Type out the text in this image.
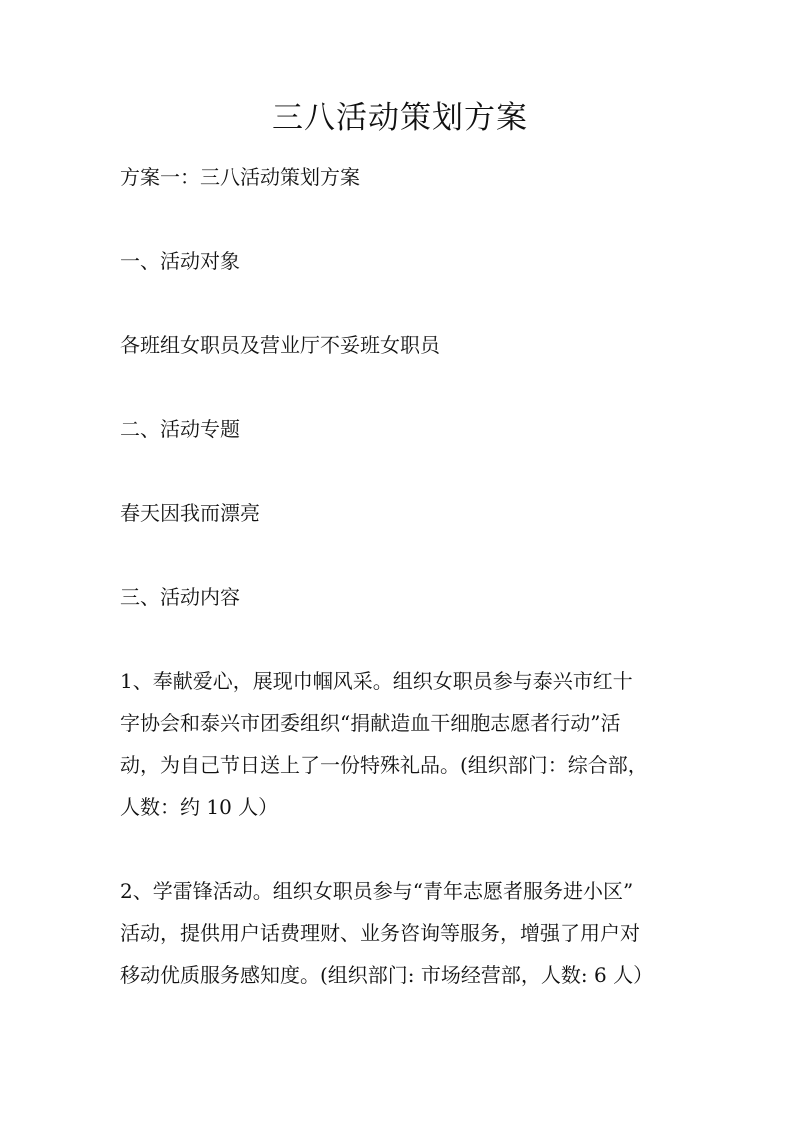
三八活动策划方案

方案一：三八活动策划方案

一、活动对象

各班组女职员及营业厅不妥班女职员

二、活动专题

春天因我而漂亮

三、活动内容

1、奉献爱心，展现巾帼风采。组织女职员参与泰兴市红十

字协会和泰兴市团委组织“捐献造血干细胞志愿者行动”活

动，为自己节日送上了一份特殊礼品。(组织部门：综合部，

人数：约 10 人）

2、学雷锋活动。组织女职员参与“青年志愿者服务进小区”

活动，提供用户话费理财、业务咨询等服务，增强了用户对

移动优质服务感知度。(组织部门: 市场经营部，人数: 6 人）
